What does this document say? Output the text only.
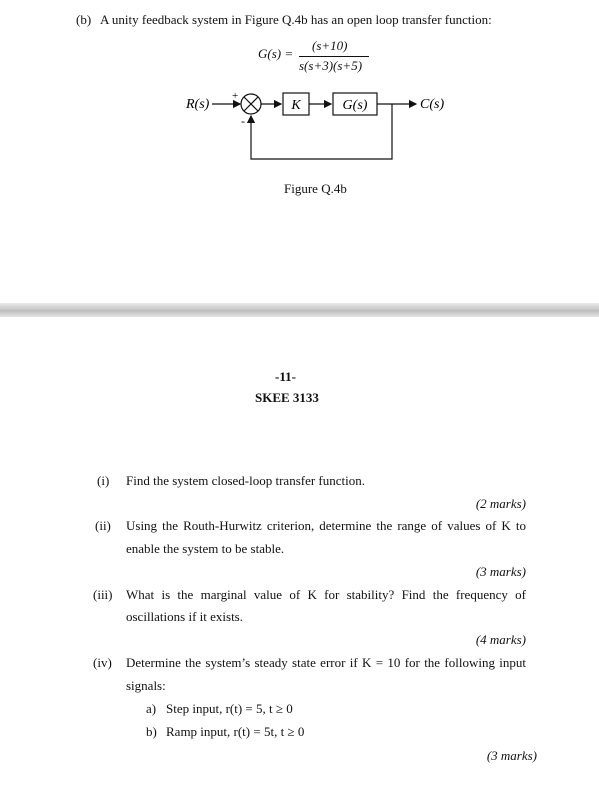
(b) A unity feedback system in Figure Q.4b has an open loop transfer function:
G(s) =
(s+10)
s(s+3)(s+5)
+
-
K	G(s)
R(s)	C(s)
Figure Q.4b
-11-
SKEE 3133
(i) Find the system closed-loop transfer function.
(2 marks)
(ii) Using the Routh-Hurwitz criterion, determine the range of values of K to
enable the system to be stable.
(3 marks)
(iii) What is the marginal value of K for stability? Find the frequency of
oscillations if it exists.
(4 marks)
(iv) Determine the system’s steady state error if K = 10 for the following input
signals:
a) Step input, r(t) = 5, t ≥ 0
b) Ramp input, r(t) = 5t, t ≥ 0
(3 marks)
